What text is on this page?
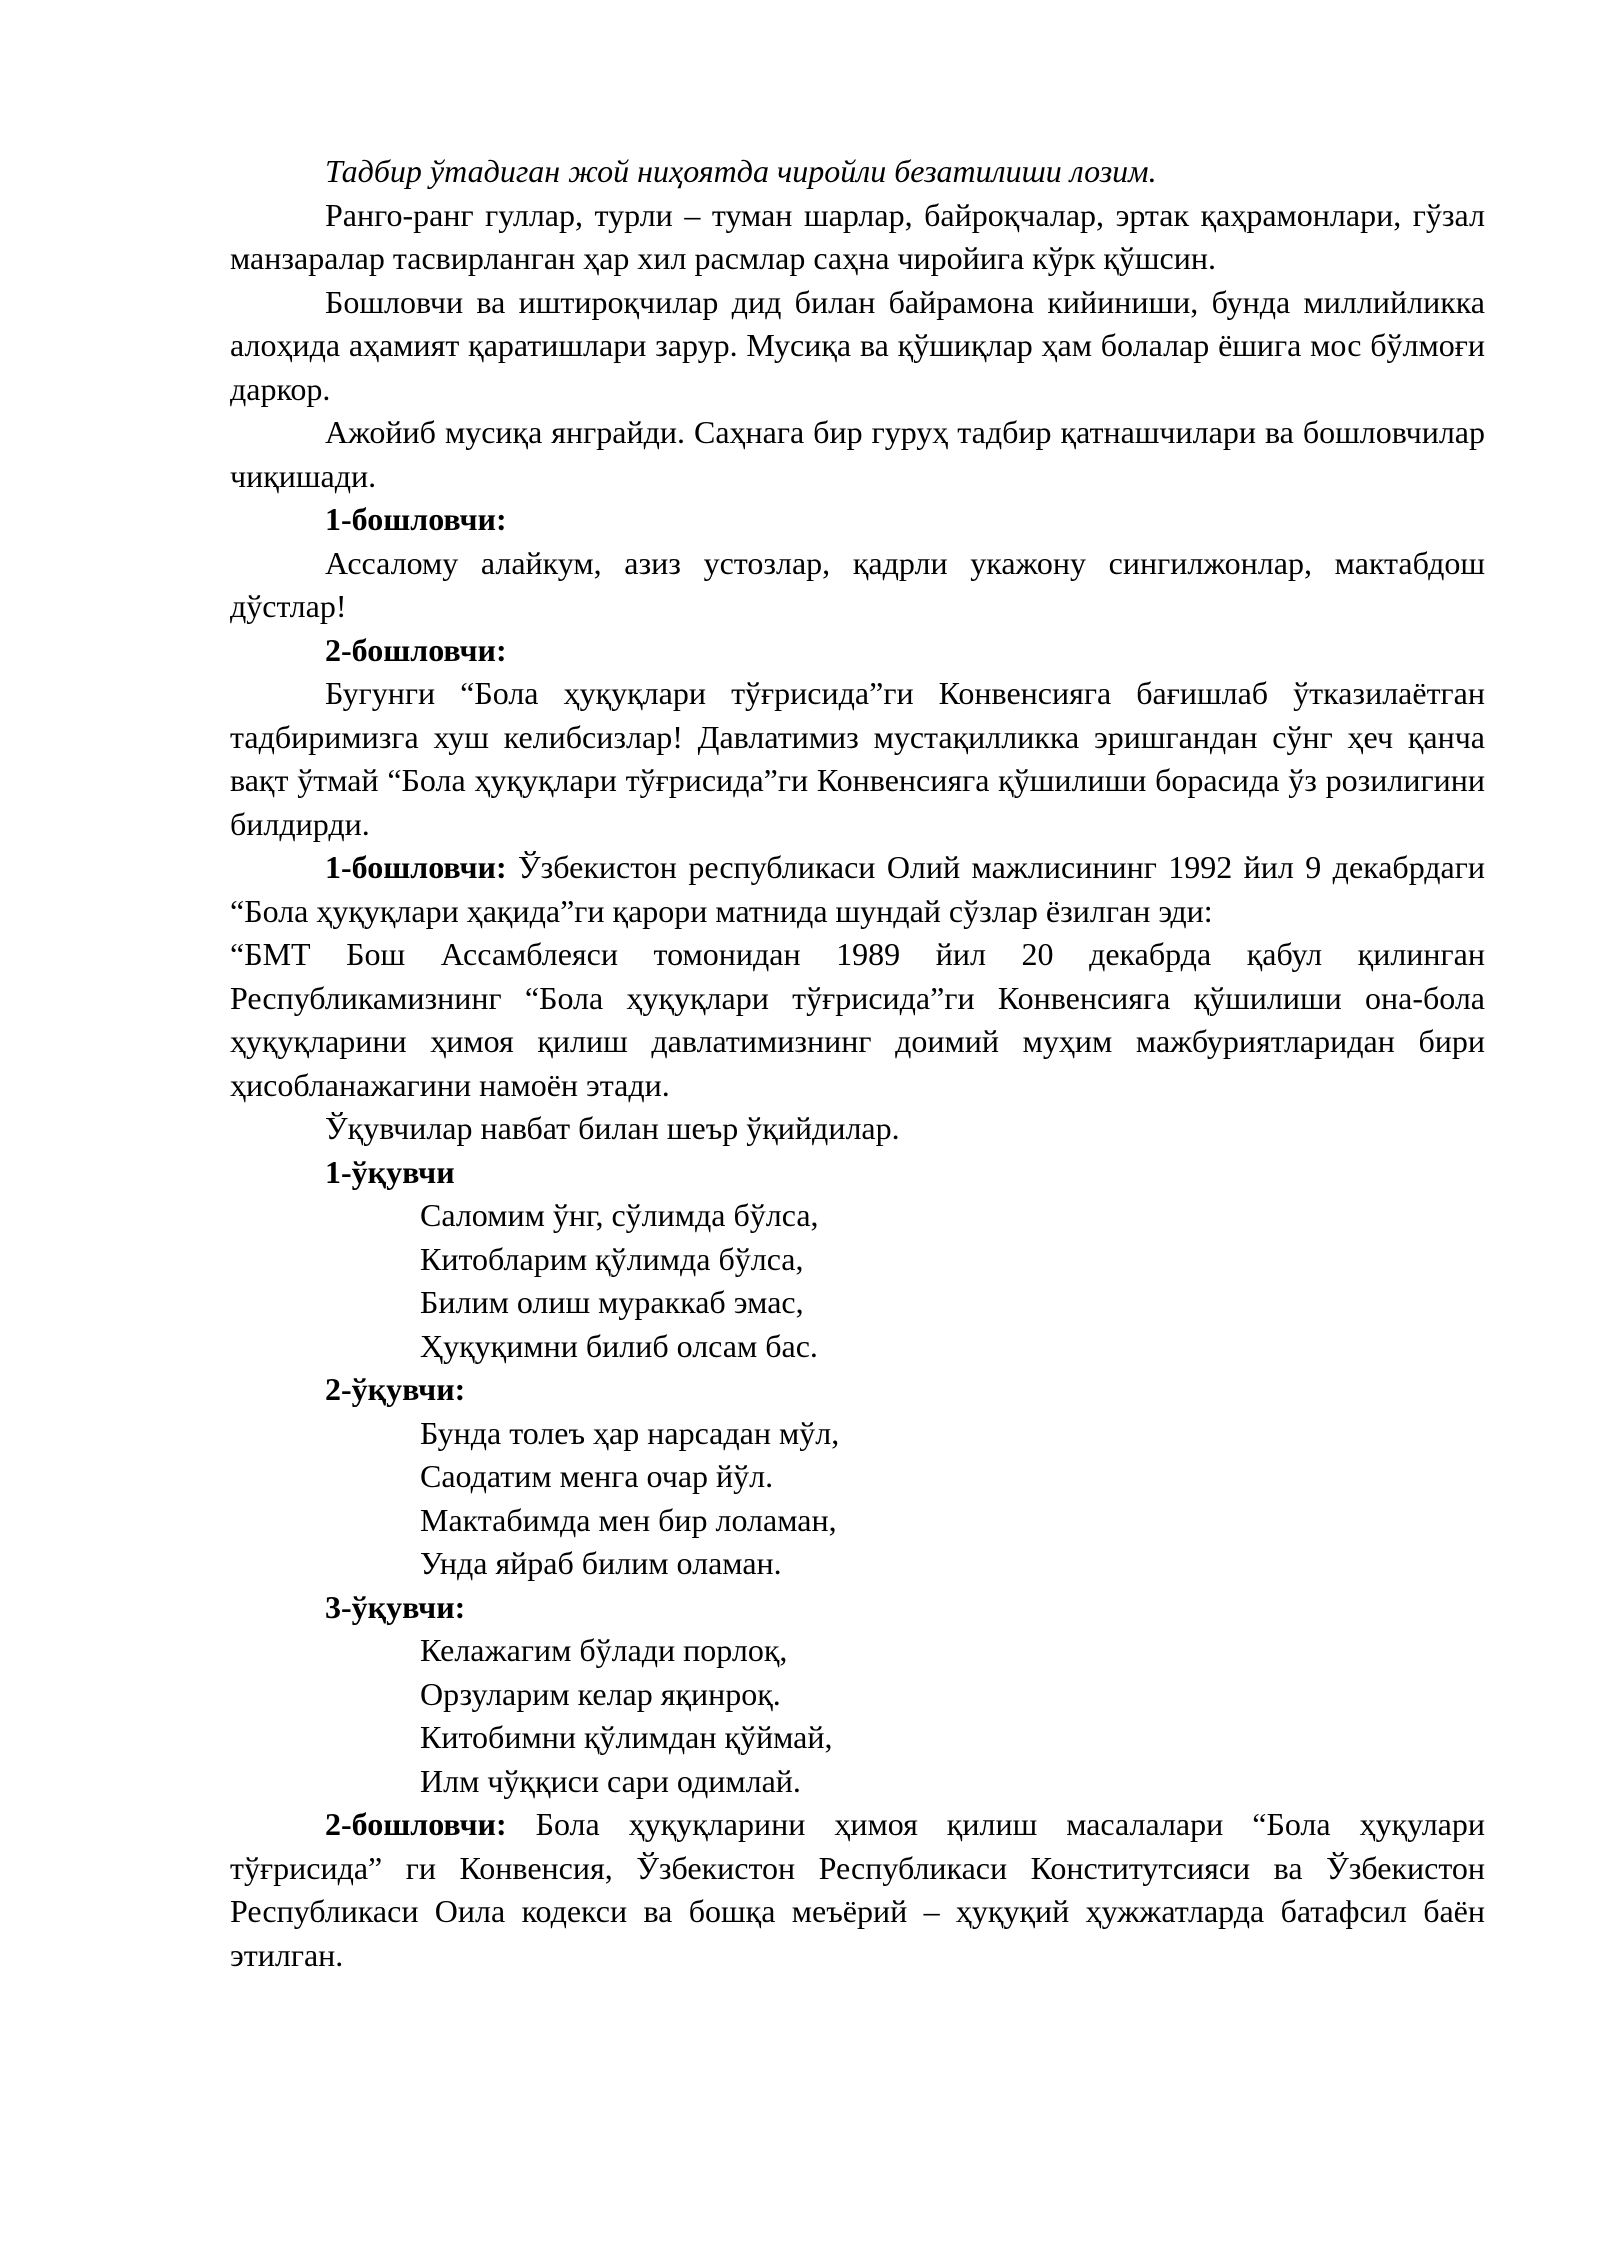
Тадбир ўтадиган жой ниҳоятда чиройли безатилиши лозим.

Ранго-ранг гуллар, турли – туман шарлар, байроқчалар, эртак қаҳрамонлари, гўзал манзаралар тасвирланган ҳар хил расмлар саҳна чиройига кўрк қўшсин.

Бошловчи ва иштироқчилар дид билан байрамона кийиниши, бунда миллийликка алоҳида аҳамият қаратишлари зарур. Мусиқа ва қўшиқлар ҳам болалар ёшига мос бўлмоғи даркор.

Ажойиб мусиқа янграйди. Саҳнага бир гуруҳ тадбир қатнашчилари ва бошловчилар чиқишади.

1-бошловчи:

Ассалому алайкум, азиз устозлар, қадрли укажону сингилжонлар, мактабдош дўстлар!

2-бошловчи:

Бугунги “Бола ҳуқуқлари тўғрисида”ги Конвенсияга бағишлаб ўтказилаётган тадбиримизга хуш келибсизлар! Давлатимиз мустақилликка эришгандан сўнг ҳеч қанча вақт ўтмай “Бола ҳуқуқлари тўғрисида”ги Конвенсияга қўшилиши борасида ўз розилигини билдирди.

1-бошловчи: Ўзбекистон республикаси Олий мажлисининг 1992 йил 9 декабрдаги “Бола ҳуқуқлари ҳақида”ги қарори матнида шундай сўзлар ёзилган эди:

“БМТ Бош Ассамблеяси томонидан 1989 йил 20 декабрда қабул қилинган Республикамизнинг “Бола ҳуқуқлари тўғрисида”ги Конвенсияга қўшилиши она-бола ҳуқуқларини ҳимоя қилиш давлатимизнинг доимий муҳим мажбуриятларидан бири ҳисобланажагини намоён этади.

Ўқувчилар навбат билан шеър ўқийдилар.

1-ўқувчи

Саломим ўнг, сўлимда бўлса,

Китобларим қўлимда бўлса,

Билим олиш мураккаб эмас,

Ҳуқуқимни билиб олсам бас.

2-ўқувчи:

Бунда толеъ ҳар нарсадан мўл,

Саодатим менга очар йўл.

Мактабимда мен бир лоламан,

Унда яйраб билим оламан.

3-ўқувчи:

Келажагим бўлади порлоқ,

Орзуларим келар яқинроқ.

Китобимни қўлимдан қўймай,

Илм чўққиси сари одимлай.

2-бошловчи: Бола ҳуқуқларини ҳимоя қилиш масалалари “Бола ҳуқулари тўғрисида” ги Конвенсия, Ўзбекистон Республикаси Конститутсияси ва Ўзбекистон Республикаси Оила кодекси ва бошқа меъёрий – ҳуқуқий ҳужжатларда батафсил баён этилган.
